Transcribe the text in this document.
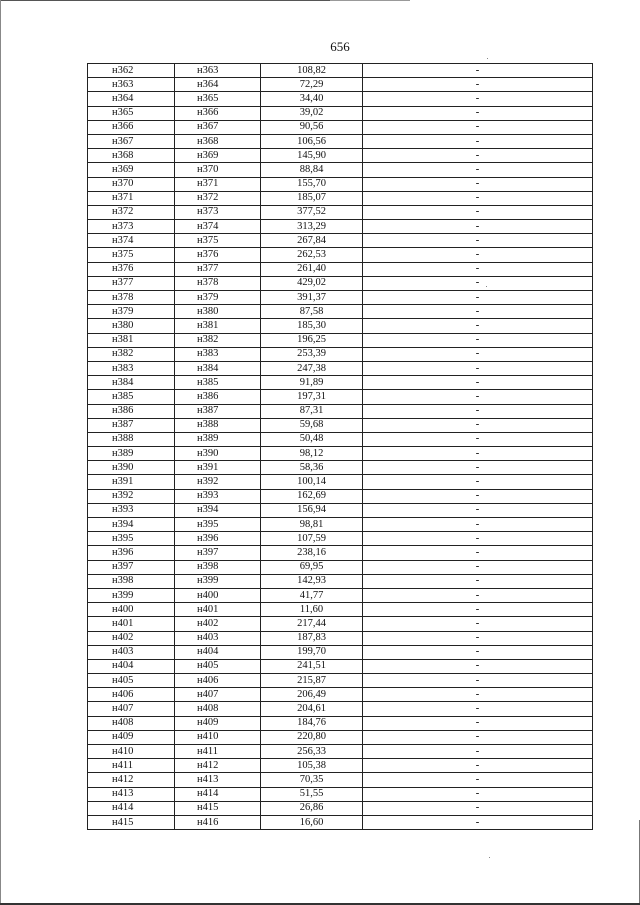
656
н362	н363	108,82	-
н363	н364	72,29	-
н364	н365	34,40	-
н365	н366	39,02	-
н366	н367	90,56	-
н367	н368	106,56	-
н368	н369	145,90	-
н369	н370	88,84	-
н370	н371	155,70	-
н371	н372	185,07	-
н372	н373	377,52	-
н373	н374	313,29	-
н374	н375	267,84	-
н375	н376	262,53	-
н376	н377	261,40	-
н377	н378	429,02	-
н378	н379	391,37	-
н379	н380	87,58	-
н380	н381	185,30	-
н381	н382	196,25	-
н382	н383	253,39	-
н383	н384	247,38	-
н384	н385	91,89	-
н385	н386	197,31	-
н386	н387	87,31	-
н387	н388	59,68	-
н388	н389	50,48	-
н389	н390	98,12	-
н390	н391	58,36	-
н391	н392	100,14	-
н392	н393	162,69	-
н393	н394	156,94	-
н394	н395	98,81	-
н395	н396	107,59	-
н396	н397	238,16	-
н397	н398	69,95	-
н398	н399	142,93	-
н399	н400	41,77	-
н400	н401	11,60	-
н401	н402	217,44	-
н402	н403	187,83	-
н403	н404	199,70	-
н404	н405	241,51	-
н405	н406	215,87	-
н406	н407	206,49	-
н407	н408	204,61	-
н408	н409	184,76	-
н409	н410	220,80	-
н410	н411	256,33	-
н411	н412	105,38	-
н412	н413	70,35	-
н413	н414	51,55	-
н414	н415	26,86	-
н415	н416	16,60	-
